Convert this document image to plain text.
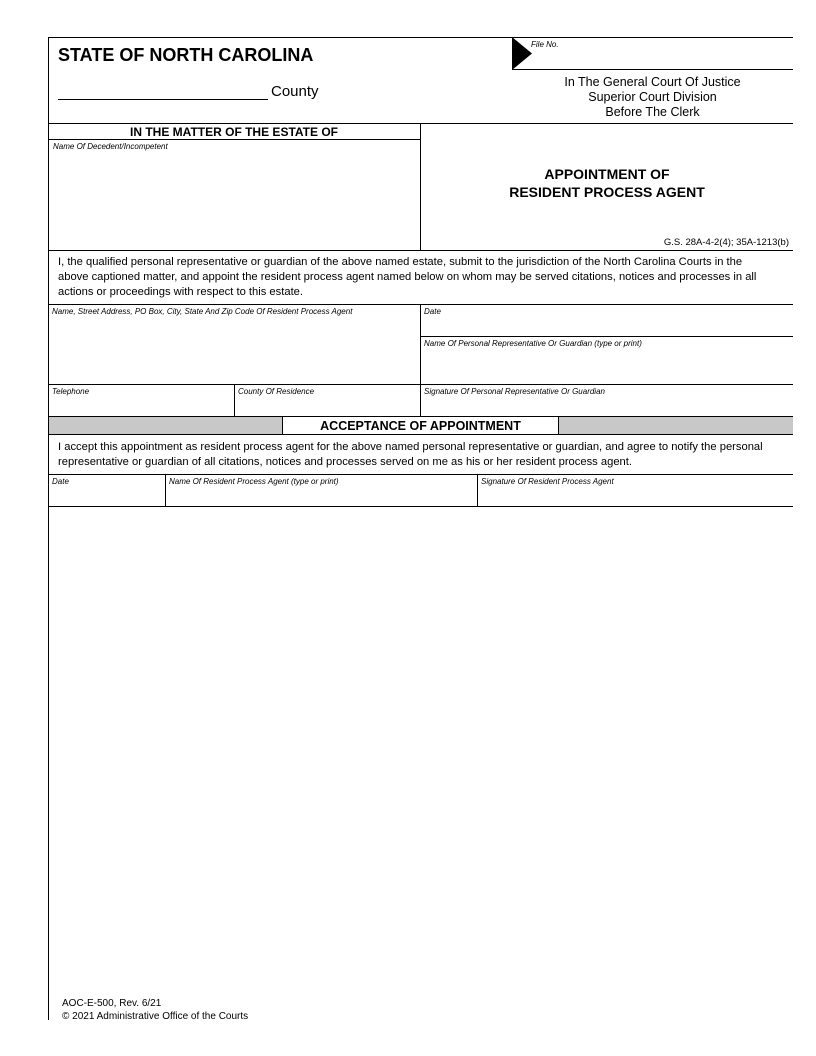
STATE OF NORTH CAROLINA
County
File No.
In The General Court Of Justice
Superior Court Division
Before The Clerk
IN THE MATTER OF THE ESTATE OF
Name Of Decedent/Incompetent
APPOINTMENT OF
RESIDENT PROCESS AGENT
G.S. 28A-4-2(4); 35A-1213(b)
I, the qualified personal representative or guardian of the above named estate, submit to the jurisdiction of the North Carolina Courts in the above captioned matter, and appoint the resident process agent named below on whom may be served citations, notices and processes in all actions or proceedings with respect to this estate.
Name, Street Address, PO Box, City, State And Zip Code Of Resident Process Agent	Date
Name Of Personal Representative Or Guardian (type or print)
Telephone	County Of Residence	Signature Of Personal Representative Or Guardian
ACCEPTANCE OF APPOINTMENT
I accept this appointment as resident process agent for the above named personal representative or guardian, and agree to notify the personal representative or guardian of all citations, notices and processes served on me as his or her resident process agent.
Date	Name Of Resident Process Agent (type or print)	Signature Of Resident Process Agent
AOC-E-500, Rev. 6/21
© 2021 Administrative Office of the Courts
